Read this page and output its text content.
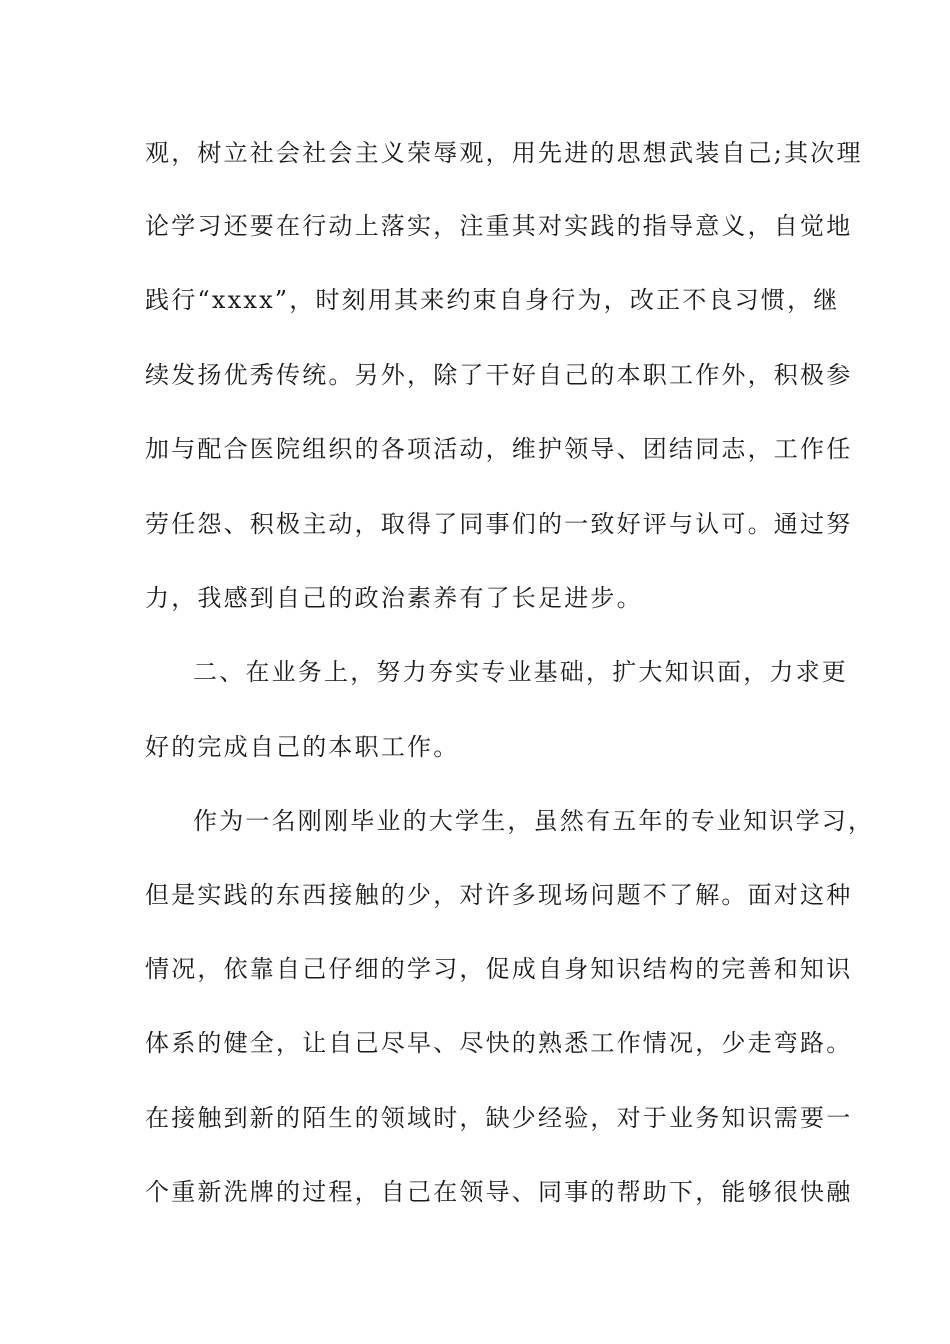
观，树立社会社会主义荣辱观，用先进的思想武装自己;其次理
论学习还要在行动上落实，注重其对实践的指导意义，自觉地
践行“xxxx”，时刻用其来约束自身行为，改正不良习惯，继
续发扬优秀传统。另外，除了干好自己的本职工作外，积极参
加与配合医院组织的各项活动，维护领导、团结同志，工作任
劳任怨、积极主动，取得了同事们的一致好评与认可。通过努
力，我感到自己的政治素养有了长足进步。
二、在业务上，努力夯实专业基础，扩大知识面，力求更
好的完成自己的本职工作。
作为一名刚刚毕业的大学生，虽然有五年的专业知识学习，
但是实践的东西接触的少，对许多现场问题不了解。面对这种
情况，依靠自己仔细的学习，促成自身知识结构的完善和知识
体系的健全，让自己尽早、尽快的熟悉工作情况，少走弯路。
在接触到新的陌生的领域时，缺少经验，对于业务知识需要一
个重新洗牌的过程，自己在领导、同事的帮助下，能够很快融
